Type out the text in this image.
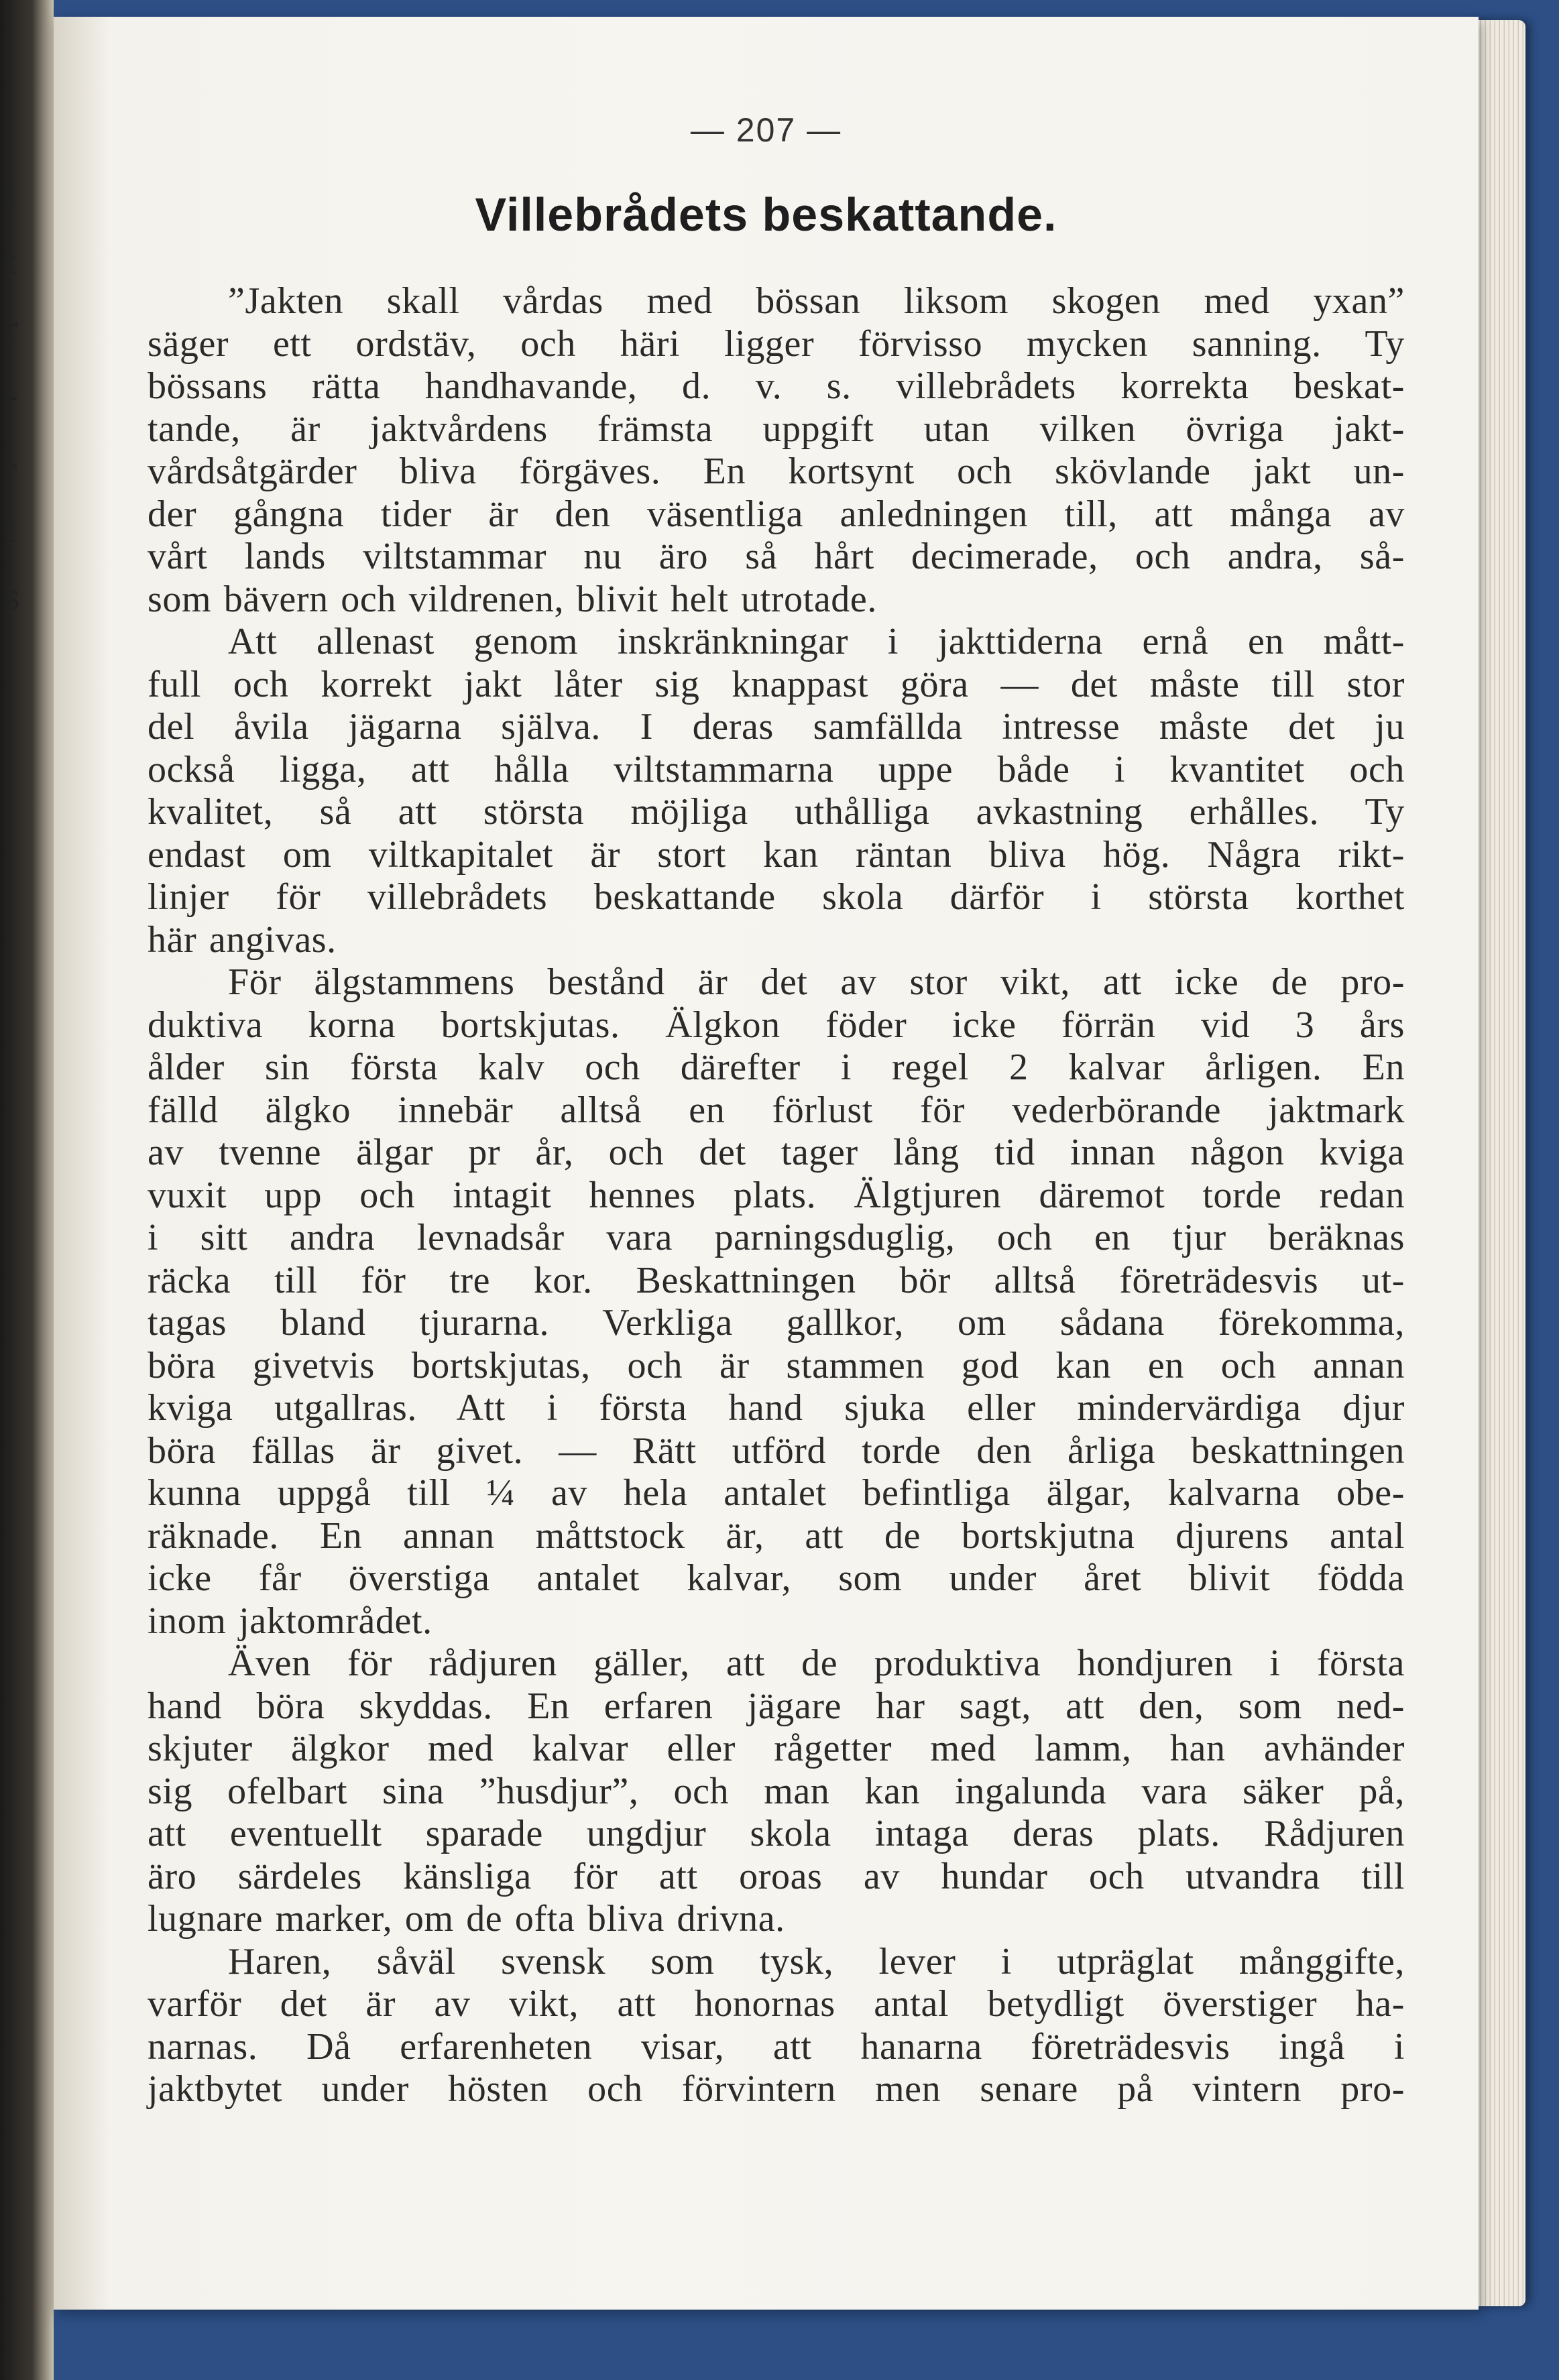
l
t
r
-
-
t
s
— 207 —
Villebrådets beskattande.
”Jakten skall vårdas med bössan liksom skogen med yxan”
säger ett ordstäv, och häri ligger förvisso mycken sanning. Ty
bössans rätta handhavande, d. v. s. villebrådets korrekta beskat-
tande, är jaktvårdens främsta uppgift utan vilken övriga jakt-
vårdsåtgärder bliva förgäves. En kortsynt och skövlande jakt un-
der gångna tider är den väsentliga anledningen till, att många av
vårt lands viltstammar nu äro så hårt decimerade, och andra, så-
som bävern och vildrenen, blivit helt utrotade.
Att allenast genom inskränkningar i jakttiderna ernå en mått-
full och korrekt jakt låter sig knappast göra — det måste till stor
del åvila jägarna själva. I deras samfällda intresse måste det ju
också ligga, att hålla viltstammarna uppe både i kvantitet och
kvalitet, så att största möjliga uthålliga avkastning erhålles. Ty
endast om viltkapitalet är stort kan räntan bliva hög. Några rikt-
linjer för villebrådets beskattande skola därför i största korthet
här angivas.
För älgstammens bestånd är det av stor vikt, att icke de pro-
duktiva korna bortskjutas. Älgkon föder icke förrän vid 3 års
ålder sin första kalv och därefter i regel 2 kalvar årligen. En
fälld älgko innebär alltså en förlust för vederbörande jaktmark
av tvenne älgar pr år, och det tager lång tid innan någon kviga
vuxit upp och intagit hennes plats. Älgtjuren däremot torde redan
i sitt andra levnadsår vara parningsduglig, och en tjur beräknas
räcka till för tre kor. Beskattningen bör alltså företrädesvis ut-
tagas bland tjurarna. Verkliga gallkor, om sådana förekomma,
böra givetvis bortskjutas, och är stammen god kan en och annan
kviga utgallras. Att i första hand sjuka eller mindervärdiga djur
böra fällas är givet. — Rätt utförd torde den årliga beskattningen
kunna uppgå till ¼ av hela antalet befintliga älgar, kalvarna obe-
räknade. En annan måttstock är, att de bortskjutna djurens antal
icke får överstiga antalet kalvar, som under året blivit födda
inom jaktområdet.
Även för rådjuren gäller, att de produktiva hondjuren i första
hand böra skyddas. En erfaren jägare har sagt, att den, som ned-
skjuter älgkor med kalvar eller rågetter med lamm, han avhänder
sig ofelbart sina ”husdjur”, och man kan ingalunda vara säker på,
att eventuellt sparade ungdjur skola intaga deras plats. Rådjuren
äro särdeles känsliga för att oroas av hundar och utvandra till
lugnare marker, om de ofta bliva drivna.
Haren, såväl svensk som tysk, lever i utpräglat månggifte,
varför det är av vikt, att honornas antal betydligt överstiger ha-
narnas. Då erfarenheten visar, att hanarna företrädesvis ingå i
jaktbytet under hösten och förvintern men senare på vintern pro-
